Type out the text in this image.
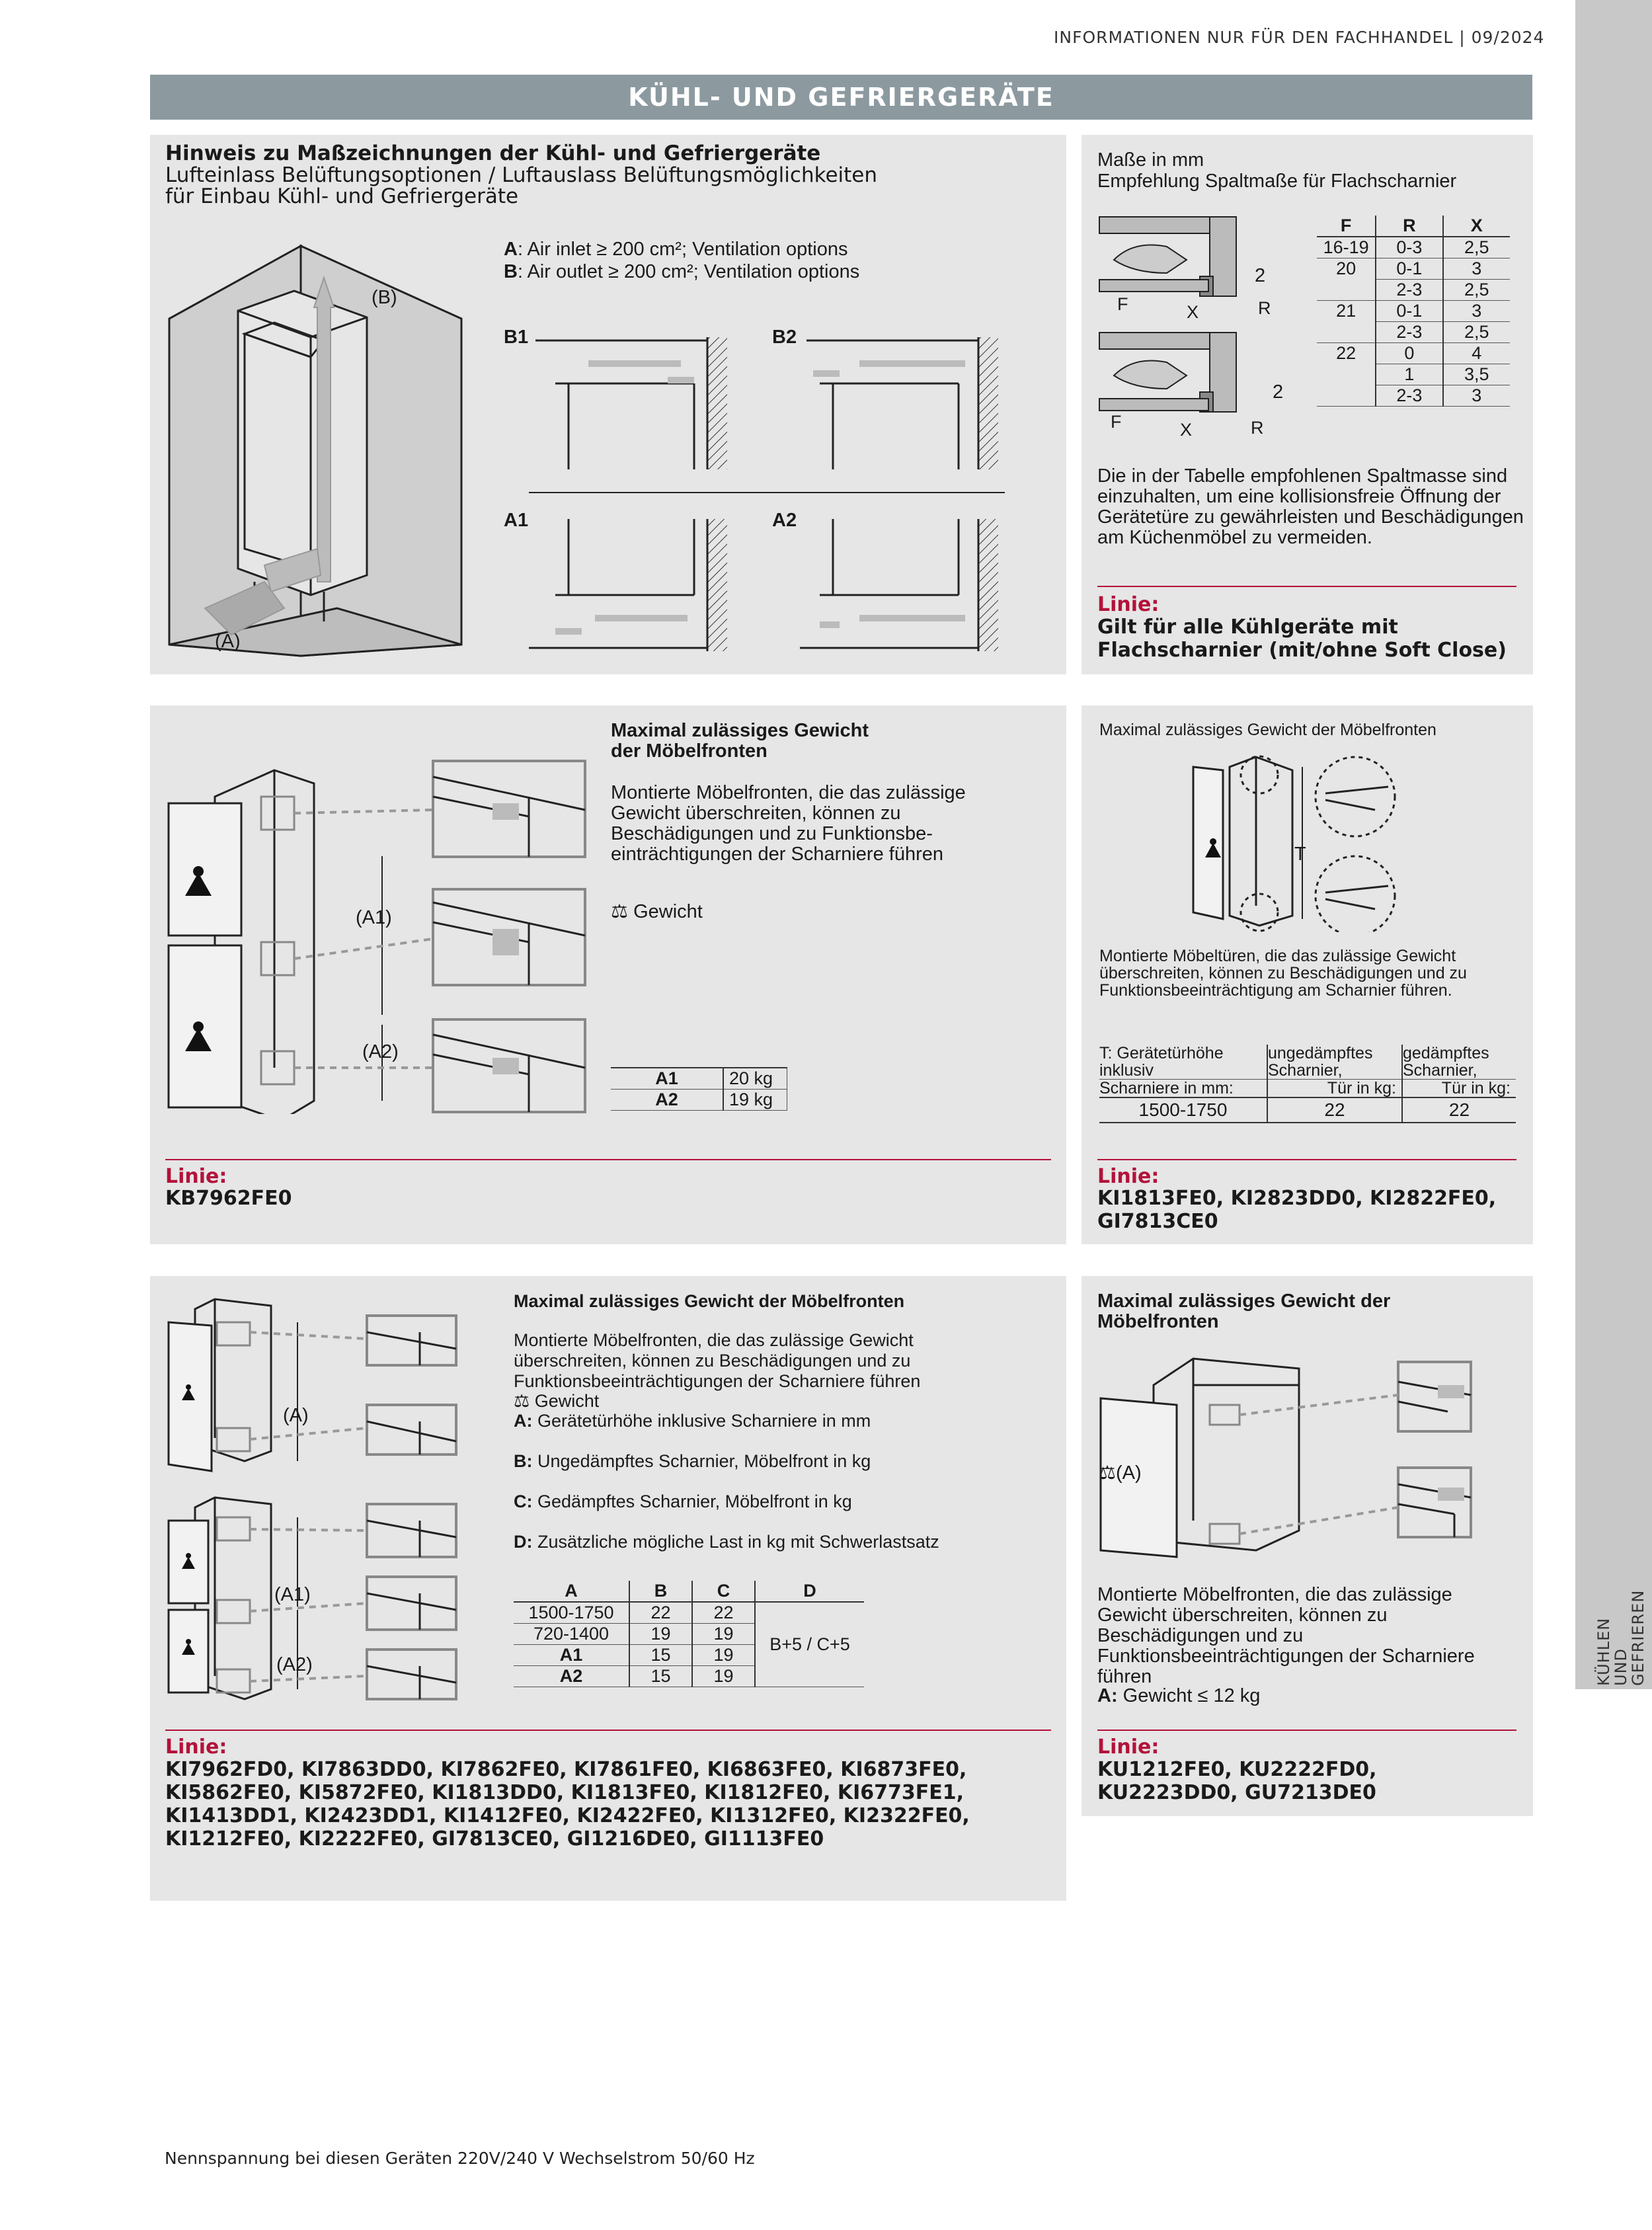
INFORMATIONEN NUR FÜR DEN FACHHANDEL | 09/2024
KÜHLEN UND
GEFRIEREN
KÜHL- UND GEFRIERGERÄTE
Hinweis zu Maßzeichnungen der Kühl- und Gefriergeräte
Lufteinlass Belüftungsoptionen / Luftauslass Belüftungsmöglichkeiten
für Einbau Kühl- und Gefriergeräte
A: Air inlet ≥ 200 cm²; Ventilation options
B: Air outlet ≥ 200 cm²; Ventilation options
(B)
(A)
B1	B2
A1	A2
Maße in mm
Empfehlung Spaltmaße für Flachscharnier
F	X	R
2
F	X	R
2
F	R	X
16-19	0-3	2,5
20	0-1	3
	2-3	2,5
21	0-1	3
	2-3	2,5
22	0	4
	1	3,5
	2-3	3
Die in der Tabelle empfohlenen Spaltmasse sind einzuhalten, um eine kollisionsfreie Öffnung der Gerätetüre zu gewährleisten und Beschädigungen am Küchenmöbel zu vermeiden.
Linie:
Gilt für alle Kühlgeräte mit Flachscharnier (mit/ohne Soft Close)
(A1)
(A2)
Maximal zulässiges Gewicht der Möbelfronten
Montierte Möbelfronten, die das zulässige Gewicht überschreiten, können zu Beschädigungen und zu Funktionsbe-einträchtigungen der Scharniere führen
⚖ Gewicht
A1	20 kg
A2	19 kg
Linie:
KB7962FE0
Maximal zulässiges Gewicht der Möbelfronten
T
Montierte Möbeltüren, die das zulässige Gewicht überschreiten, können zu Beschädigungen und zu Funktionsbeeinträchtigung am Scharnier führen.
T: Gerätetürhöhe inklusiv	ungedämpftes Scharnier,	gedämpftes Scharnier,
Scharniere in mm:	Tür in kg:	Tür in kg:
1500-1750	22	22
Linie:
KI1813FE0, KI2823DD0, KI2822FE0, GI7813CE0
(A)
(A1)
(A2)
Maximal zulässiges Gewicht der Möbelfronten
Montierte Möbelfronten, die das zulässige Gewicht überschreiten, können zu Beschädigungen und zu Funktionsbeeinträchtigungen der Scharniere führen
⚖ Gewicht
A: Gerätetürhöhe inklusive Scharniere in mm
B: Ungedämpftes Scharnier, Möbelfront in kg
C: Gedämpftes Scharnier, Möbelfront in kg
D: Zusätzliche mögliche Last in kg mit Schwerlastsatz
A	B	C	D
1500-1750	22	22	B+5 / C+5
720-1400	19	19	
A1	15	19	
A2	15	19	
Linie:
KI7962FD0, KI7863DD0, KI7862FE0, KI7861FE0, KI6863FE0, KI6873FE0, KI5862FE0, KI5872FE0, KI1813DD0, KI1813FE0, KI1812FE0, KI6773FE1, KI1413DD1, KI2423DD1, KI1412FE0, KI2422FE0, KI1312FE0, KI2322FE0, KI1212FE0, KI2222FE0, GI7813CE0, GI1216DE0, GI1113FE0
Maximal zulässiges Gewicht der Möbelfronten
⚖(A)
Montierte Möbelfronten, die das zulässige Gewicht überschreiten, können zu Beschädigungen und zu Funktionsbeeinträchtigungen der Scharniere führen
A: Gewicht ≤ 12 kg
Linie:
KU1212FE0, KU2222FD0, KU2223DD0, GU7213DE0
Nennspannung bei diesen Geräten 220V/240 V Wechselstrom 50/60 Hz
